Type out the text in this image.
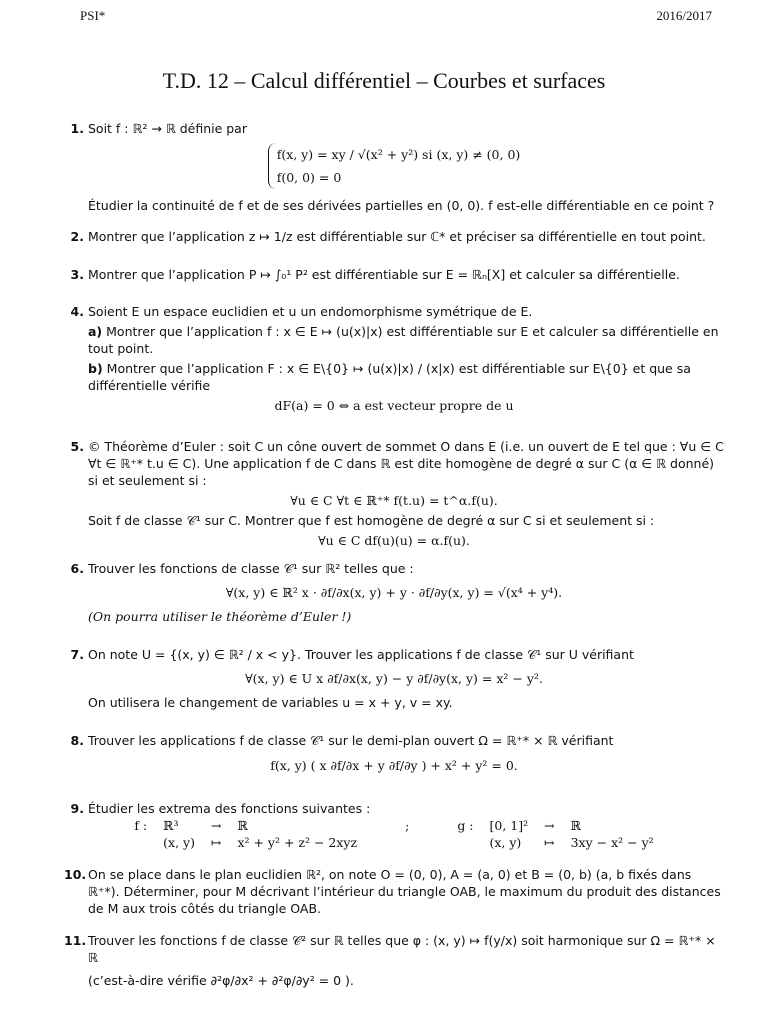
PSI*	2016/2017
T.D. 12 – Calcul différentiel – Courbes et surfaces
1. Soit f : ℝ² → ℝ définie par
f(x, y) = xy / √(x² + y²) si (x, y) ≠ (0, 0)
f(0, 0) = 0
Étudier la continuité de f et de ses dérivées partielles en (0, 0). f est-elle différentiable en ce point ?
2. Montrer que l’application z ↦ 1/z est différentiable sur ℂ* et préciser sa différentielle en tout point.
3. Montrer que l’application P ↦ ∫₀¹ P² est différentiable sur E = ℝₙ[X] et calculer sa différentielle.
4. Soient E un espace euclidien et u un endomorphisme symétrique de E.
a) Montrer que l’application f : x ∈ E ↦ (u(x)|x) est différentiable sur E et calculer sa différentielle en tout point.
b) Montrer que l’application F : x ∈ E\{0} ↦ (u(x)|x) / (x|x) est différentiable sur E\{0} et que sa différentielle vérifie
dF(a) = 0 ⇔ a est vecteur propre de u
5. © Théorème d’Euler : soit C un cône ouvert de sommet O dans E (i.e. un ouvert de E tel que : ∀u ∈ C ∀t ∈ ℝ⁺* t.u ∈ C). Une application f de C dans ℝ est dite homogène de degré α sur C (α ∈ ℝ donné) si et seulement si :
∀u ∈ C ∀t ∈ ℝ⁺* f(t.u) = t^α.f(u).
Soit f de classe 𝒞¹ sur C. Montrer que f est homogène de degré α sur C si et seulement si :
∀u ∈ C df(u)(u) = α.f(u).
6. Trouver les fonctions de classe 𝒞¹ sur ℝ² telles que :
∀(x, y) ∈ ℝ² x · ∂f/∂x(x, y) + y · ∂f/∂y(x, y) = √(x⁴ + y⁴).
(On pourra utiliser le théorème d’Euler !)
7. On note U = {(x, y) ∈ ℝ² / x < y}. Trouver les applications f de classe 𝒞¹ sur U vérifiant
∀(x, y) ∈ U x ∂f/∂x(x, y) − y ∂f/∂y(x, y) = x² − y².
On utilisera le changement de variables u = x + y, v = xy.
8. Trouver les applications f de classe 𝒞¹ sur le demi-plan ouvert Ω = ℝ⁺* × ℝ vérifiant
f(x, y) ( x ∂f/∂x + y ∂f/∂y ) + x² + y² = 0.
9. Étudier les extrema des fonctions suivantes :
f :	ℝ³	→	ℝ	;	g :	[0, 1]²	→	ℝ
	(x, y)	↦	x² + y² + z² − 2xyz			(x, y)	↦	3xy − x² − y²
10. On se place dans le plan euclidien ℝ², on note O = (0, 0), A = (a, 0) et B = (0, b) (a, b fixés dans ℝ⁺*). Déterminer, pour M décrivant l’intérieur du triangle OAB, le maximum du produit des distances de M aux trois côtés du triangle OAB.
11. Trouver les fonctions f de classe 𝒞² sur ℝ telles que φ : (x, y) ↦ f(y/x) soit harmonique sur Ω = ℝ⁺* × ℝ
(c’est-à-dire vérifie ∂²φ/∂x² + ∂²φ/∂y² = 0 ).
